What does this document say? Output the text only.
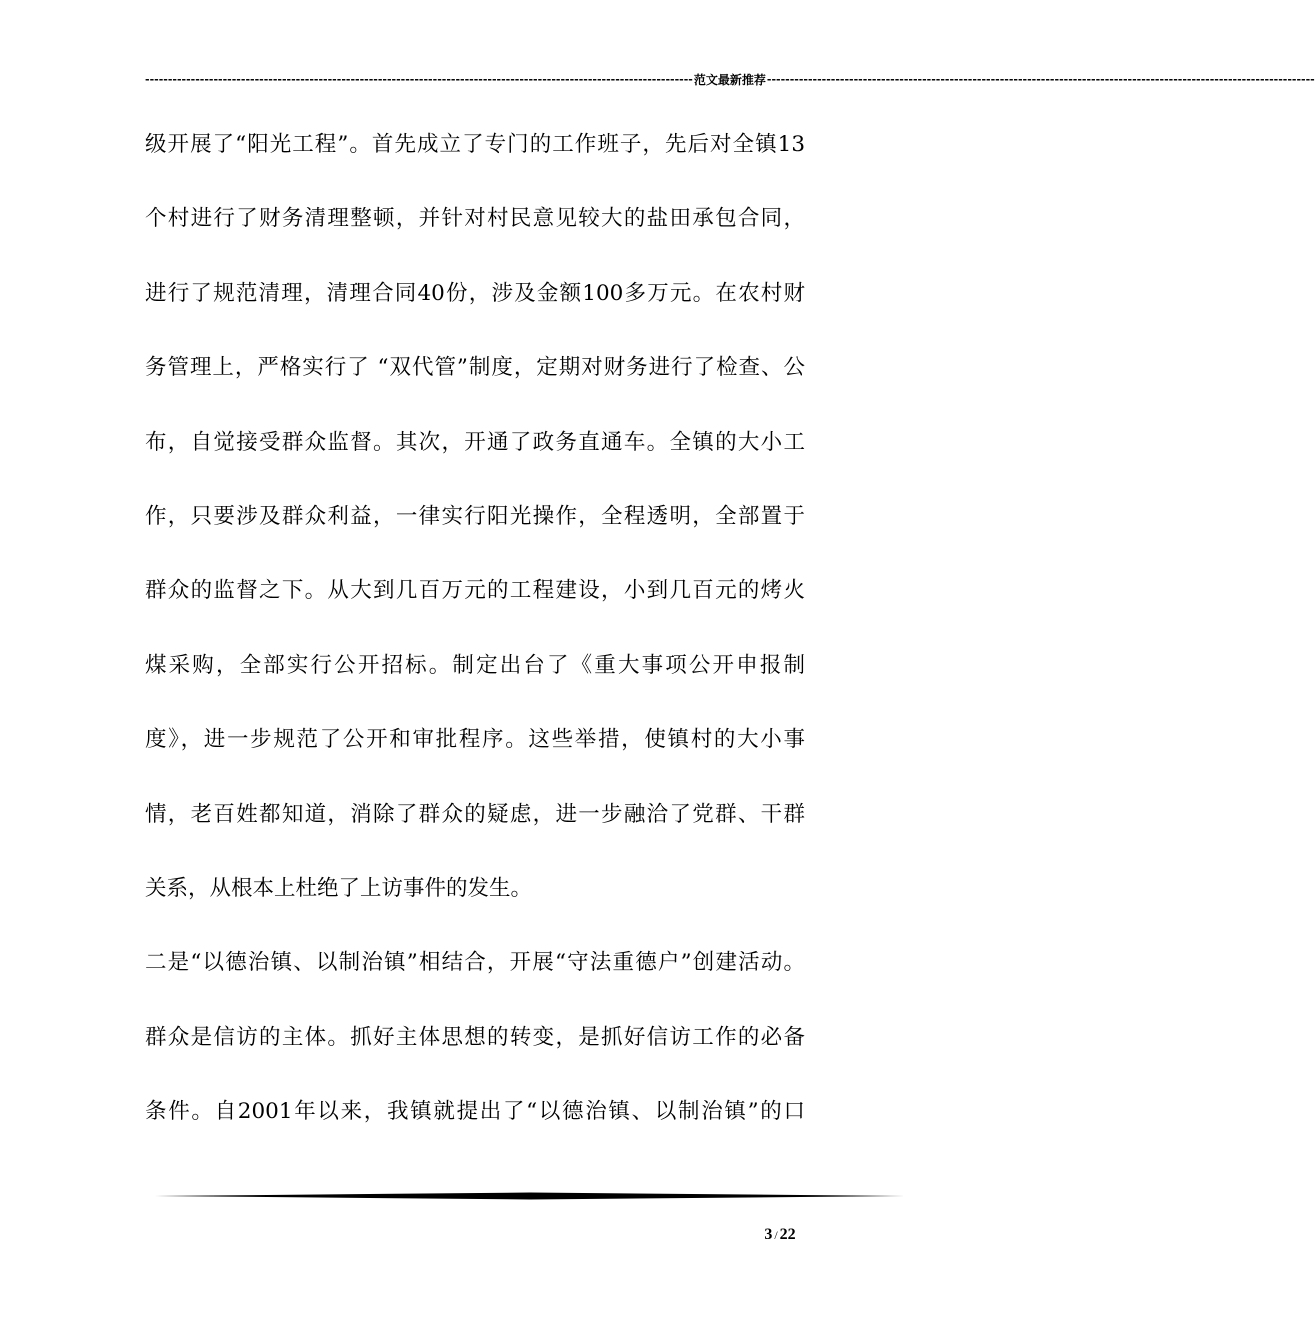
------------------------------------------------------------------------------------------------------------------------ 范文最新推荐 ------------------------------------------------------------------------------------------------------------------------
级开展了“阳光工程”。首先成立了专门的工作班子，先后对全镇13
个村进行了财务清理整顿，并针对村民意见较大的盐田承包合同，
进行了规范清理，清理合同40份，涉及金额100多万元。在农村财
务管理上，严格实行了 “双代管”制度，定期对财务进行了检查、公
布，自觉接受群众监督。其次，开通了政务直通车。全镇的大小工
作，只要涉及群众利益，一律实行阳光操作，全程透明，全部置于
群众的监督之下。从大到几百万元的工程建设，小到几百元的烤火
煤采购，全部实行公开招标。制定出台了《重大事项公开申报制
度》，进一步规范了公开和审批程序。这些举措，使镇村的大小事
情，老百姓都知道，消除了群众的疑虑，进一步融洽了党群、干群
关系，从根本上杜绝了上访事件的发生。
二是“以德治镇、以制治镇”相结合，开展“守法重德户”创建活动。
群众是信访的主体。抓好主体思想的转变，是抓好信访工作的必备
条件。自2001年以来，我镇就提出了“以德治镇、以制治镇”的口
3 / 22
